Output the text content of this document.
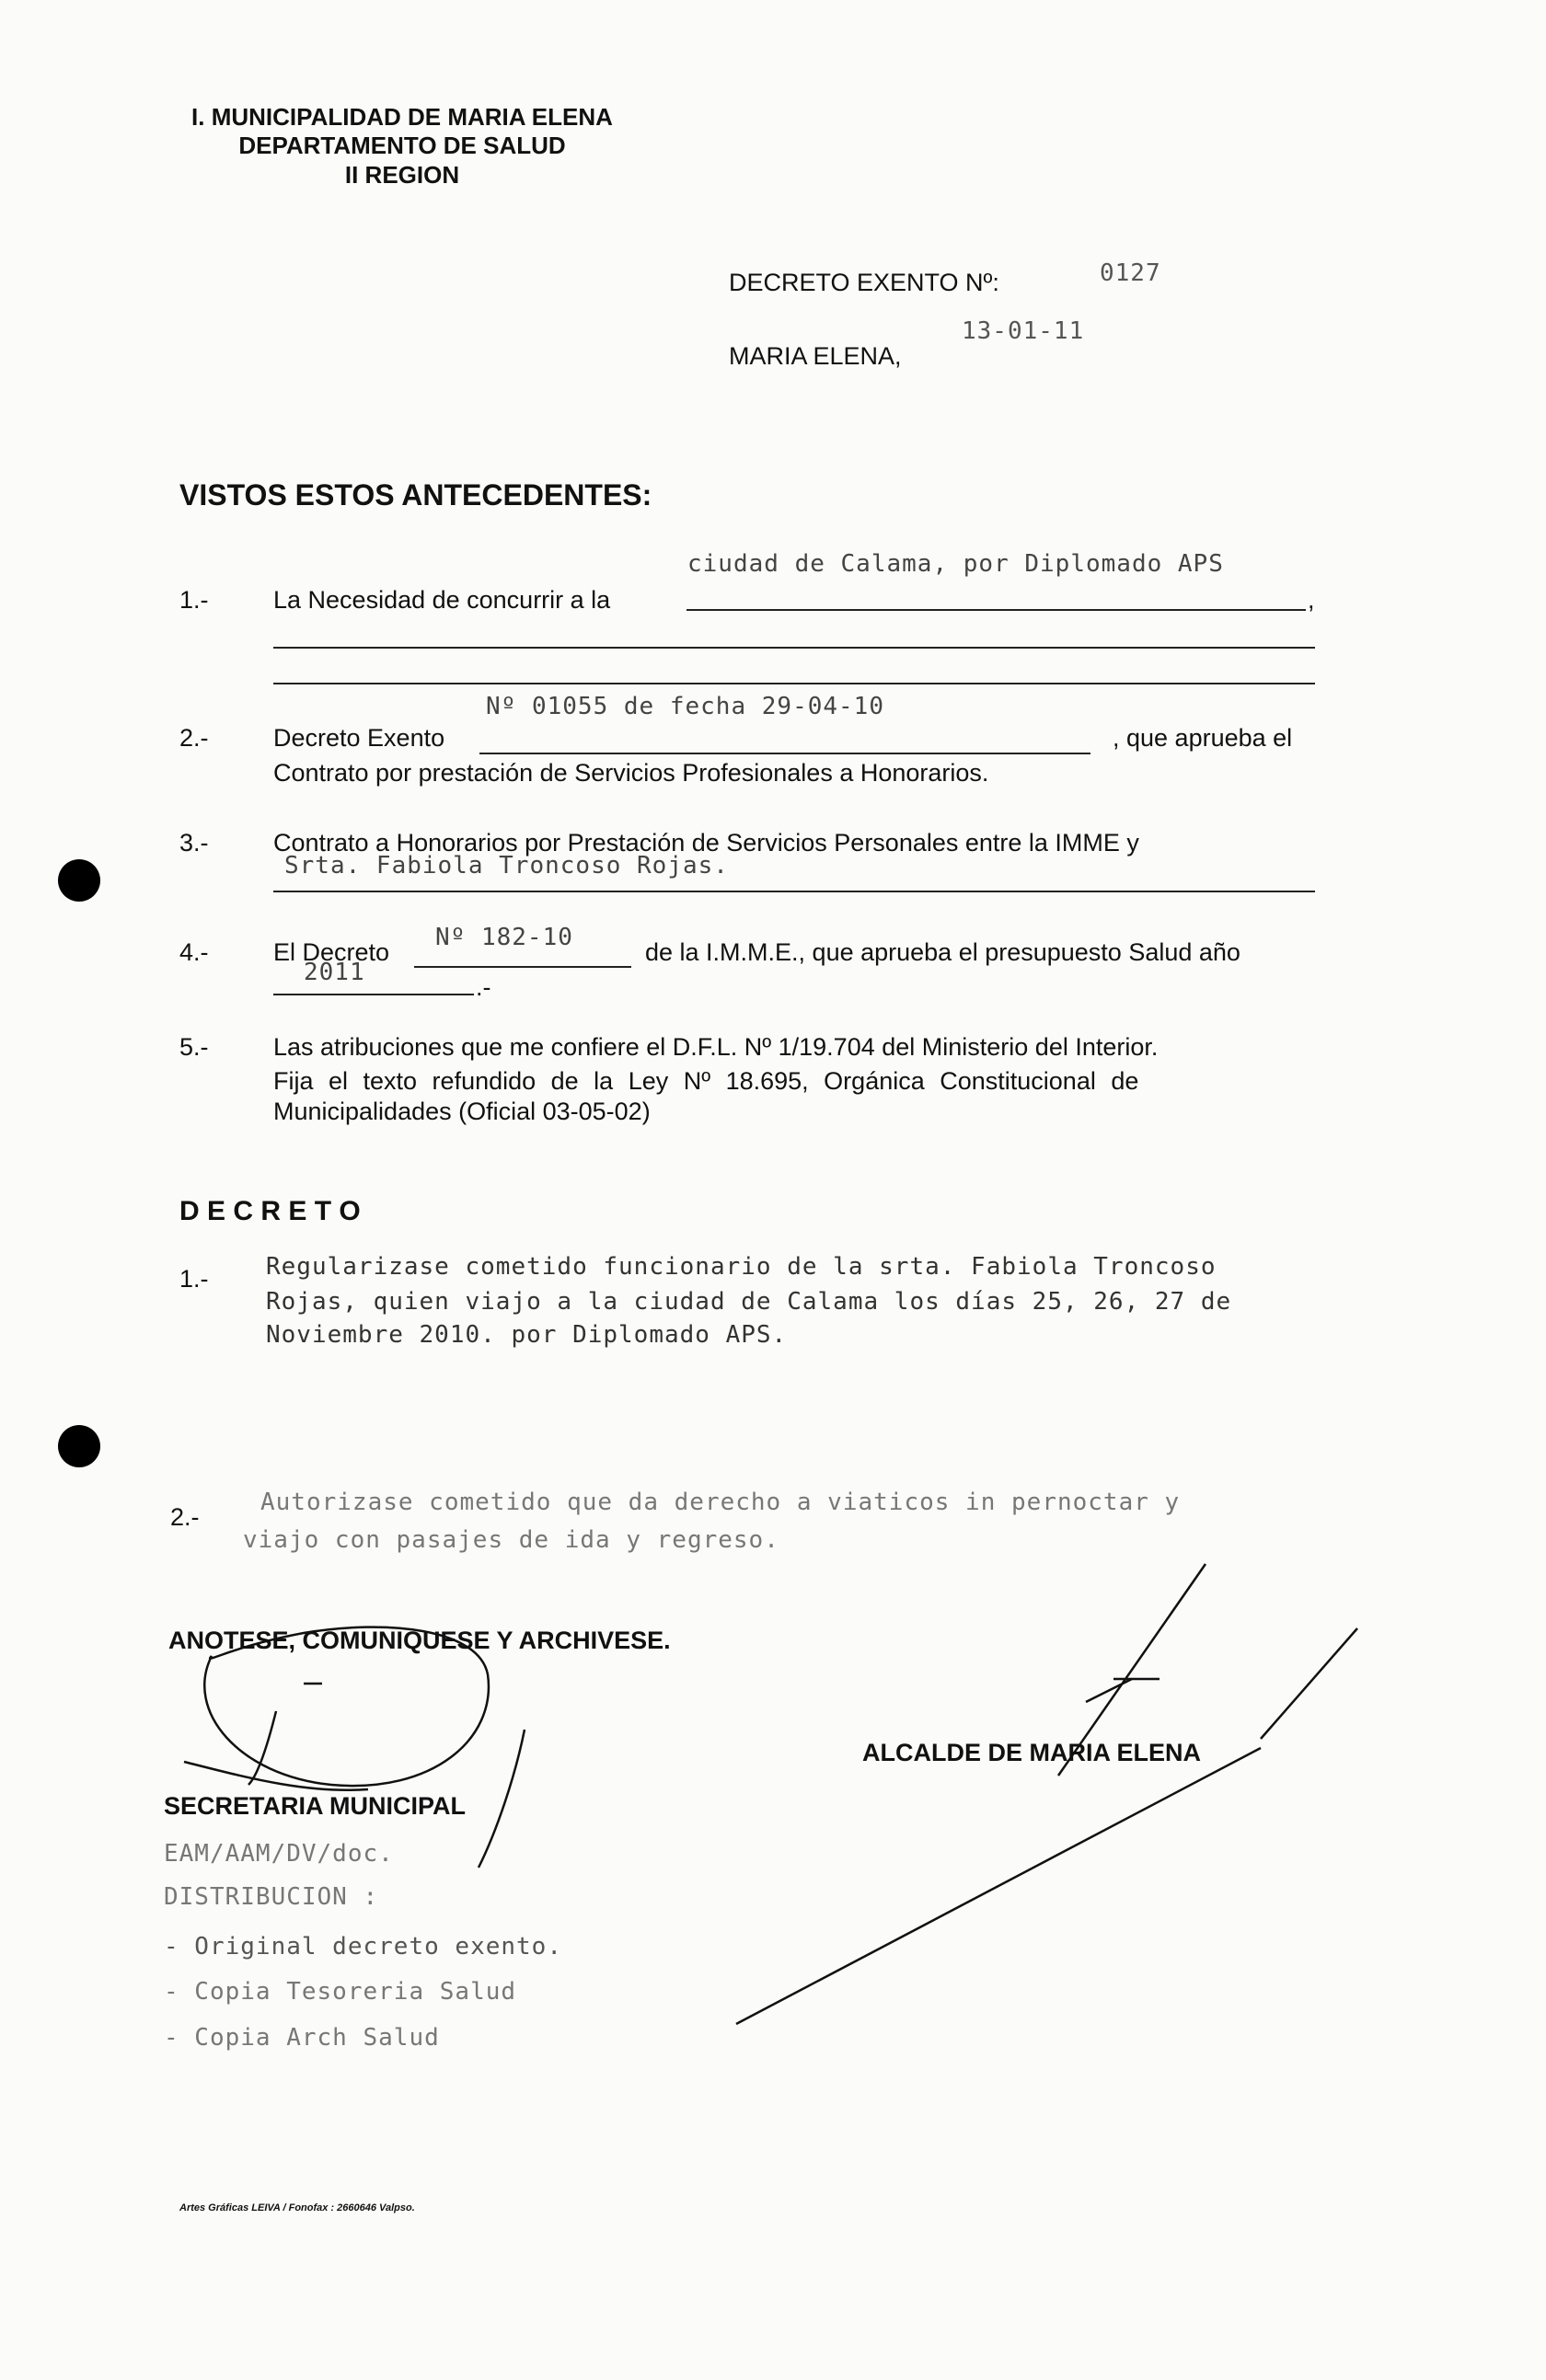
I. MUNICIPALIDAD DE MARIA ELENA
DEPARTAMENTO DE SALUD
II REGION
DECRETO EXENTO Nº:	0127
13-01-11
MARIA ELENA,
VISTOS ESTOS ANTECEDENTES:
1.-	La Necesidad de concurrir a la
ciudad de Calama, por Diplomado APS
,
2.-	Decreto Exento
Nº 01055 de fecha 29-04-10
, que aprueba el
Contrato por prestación de Servicios Profesionales a Honorarios.
3.-	Contrato a Honorarios por Prestación de Servicios Personales entre la IMME y
Srta. Fabiola Troncoso Rojas.
4.-	El Decreto
Nº 182-10
de la I.M.M.E., que aprueba el presupuesto Salud año
2011
.-
5.-	Las atribuciones que me confiere el D.F.L. Nº 1/19.704 del Ministerio del Interior.
Fija el texto refundido de la Ley Nº 18.695, Orgánica Constitucional de
Municipalidades (Oficial 03-05-02)
D E C R E T O
1.- Regularizase cometido funcionario de la srta. Fabiola Troncoso
Rojas, quien viajo a la ciudad de Calama los días 25, 26, 27 de
Noviembre 2010. por Diplomado APS.
2.-
Autorizase cometido que da derecho a viaticos in pernoctar y
viajo con pasajes de ida y regreso.
ANOTESE, COMUNIQUESE Y ARCHIVESE.
ALCALDE DE MARIA ELENA
SECRETARIA MUNICIPAL
EAM/AAM/DV/doc.
DISTRIBUCION :
- Original decreto exento.
- Copia Tesoreria Salud
- Copia Arch Salud
Artes Gráficas LEIVA / Fonofax : 2660646 Valpso.
